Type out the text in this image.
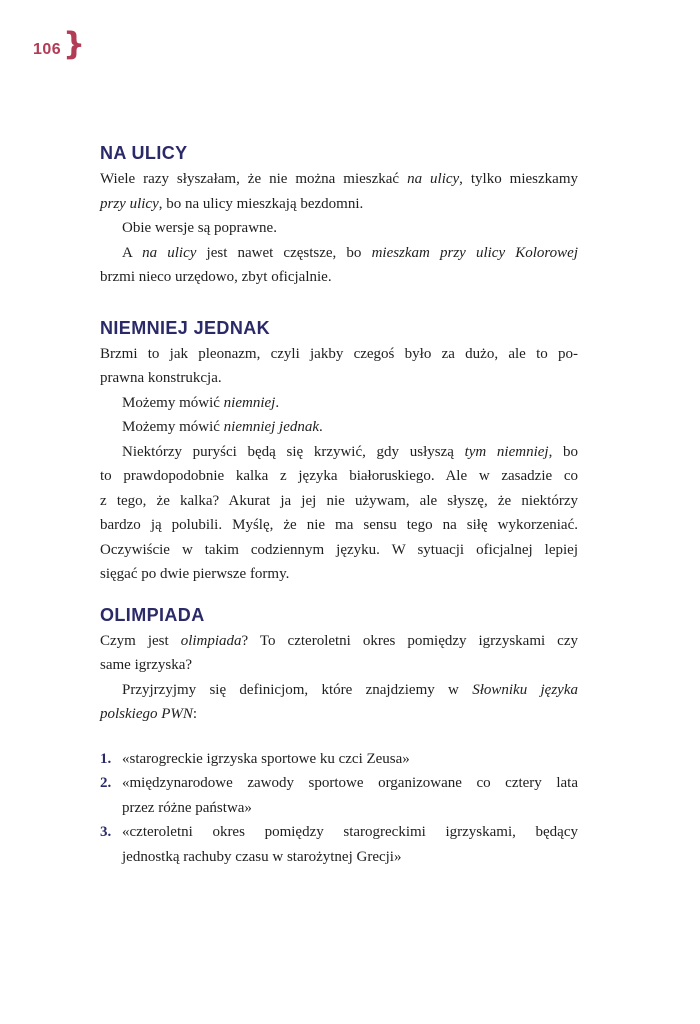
106 }
NA ULICY
Wiele razy słyszałam, że nie można mieszkać na ulicy, tylko mieszkamy
przy ulicy, bo na ulicy mieszkają bezdomni.
Obie wersje są poprawne.
A na ulicy jest nawet częstsze, bo mieszkam przy ulicy Kolorowej
brzmi nieco urzędowo, zbyt oficjalnie.
NIEMNIEJ JEDNAK
Brzmi to jak pleonazm, czyli jakby czegoś było za dużo, ale to po-
prawna konstrukcja.
Możemy mówić niemniej.
Możemy mówić niemniej jednak.
Niektórzy puryści będą się krzywić, gdy usłyszą tym niemniej, bo
to prawdopodobnie kalka z języka białoruskiego. Ale w zasadzie co
z tego, że kalka? Akurat ja jej nie używam, ale słyszę, że niektórzy
bardzo ją polubili. Myślę, że nie ma sensu tego na siłę wykorzeniać.
Oczywiście w takim codziennym języku. W sytuacji oficjalnej lepiej
sięgać po dwie pierwsze formy.
OLIMPIADA
Czym jest olimpiada? To czteroletni okres pomiędzy igrzyskami czy
same igrzyska?
Przyjrzyjmy się definicjom, które znajdziemy w Słowniku języka
polskiego PWN:
1. «starogreckie igrzyska sportowe ku czci Zeusa»
2. «międzynarodowe zawody sportowe organizowane co cztery lata
przez różne państwa»
3. «czteroletni okres pomiędzy starogreckimi igrzyskami, będący
jednostką rachuby czasu w starożytnej Grecji»
